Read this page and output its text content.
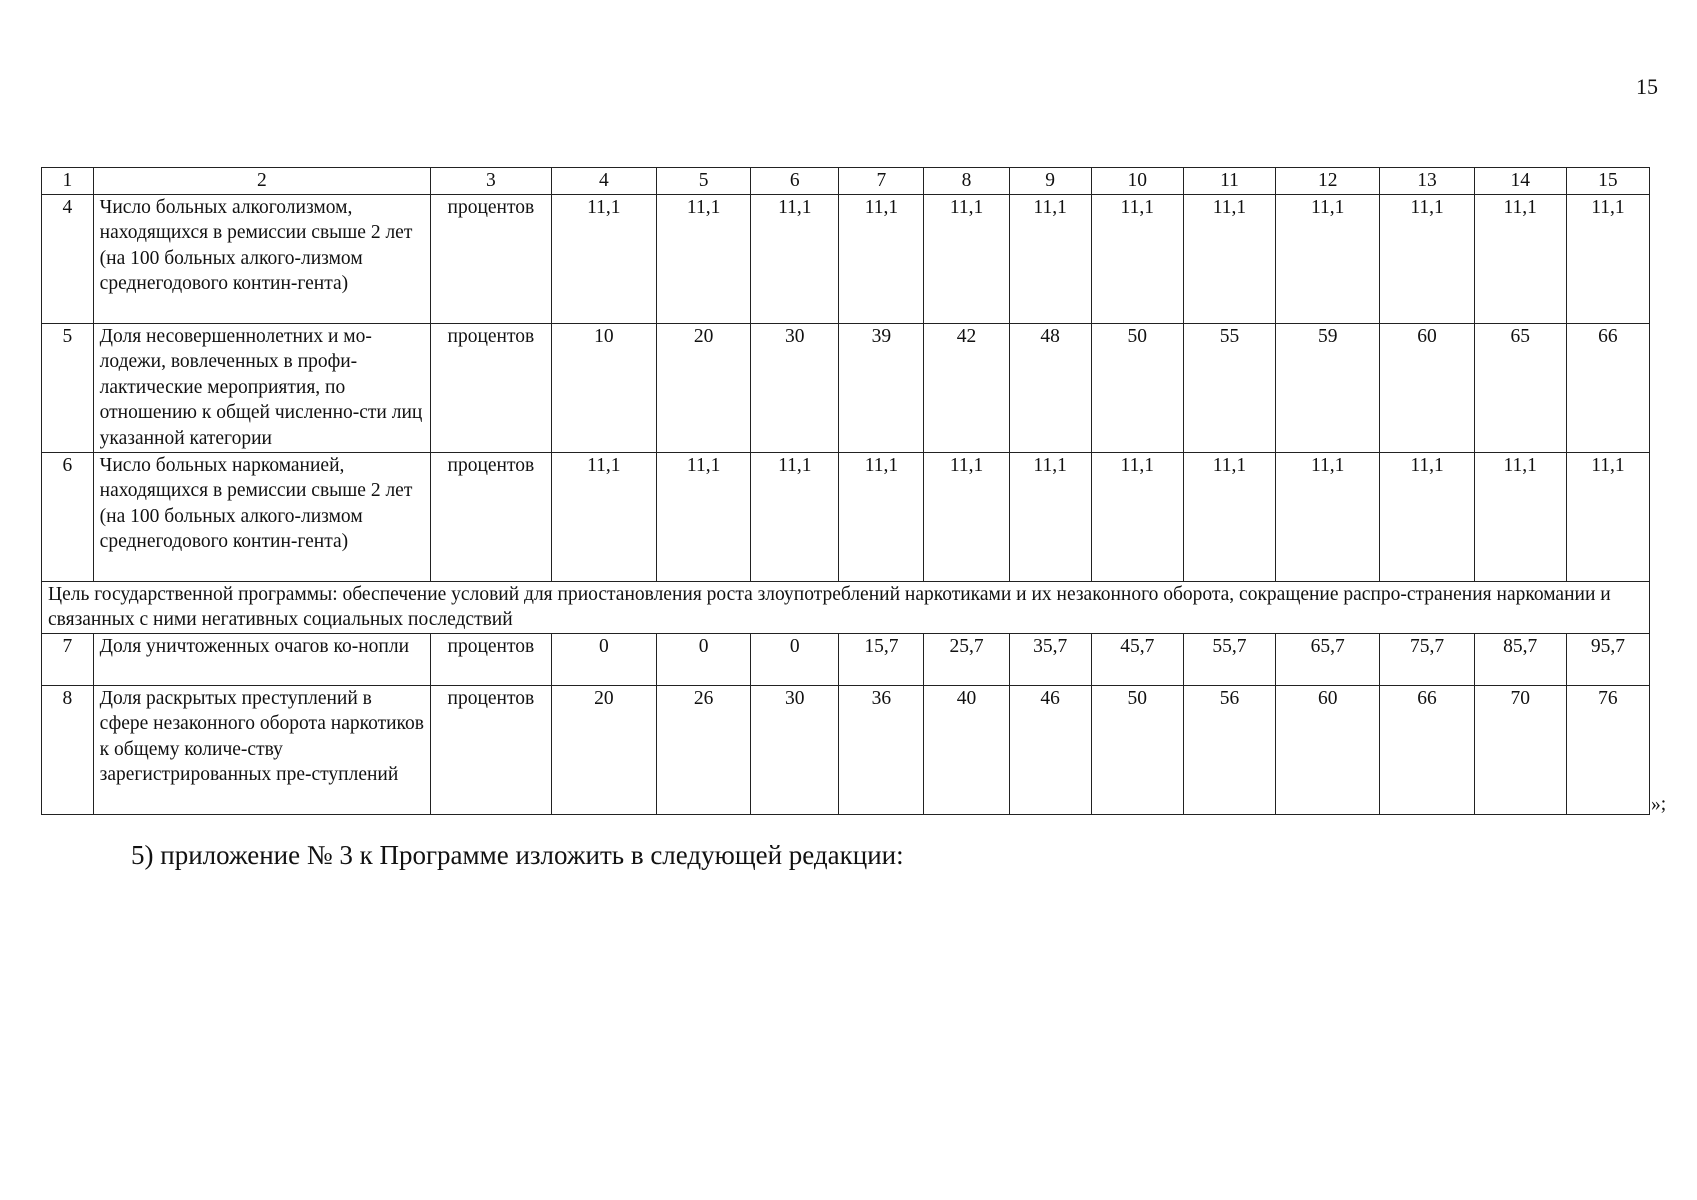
15
1	2	3	4	5	6	7	8	9	10	11	12	13	14	15
4	Число больных алкоголизмом, находящихся в ремиссии свыше 2 лет (на 100 больных алкого-лизмом среднегодового контин-гента)	процентов	11,1	11,1	11,1	11,1	11,1	11,1	11,1	11,1	11,1	11,1	11,1	11,1
5	Доля несовершеннолетних и мо-лодежи, вовлеченных в профи-лактические мероприятия, по отношению к общей численно-сти лиц указанной категории	процентов	10	20	30	39	42	48	50	55	59	60	65	66
6	Число больных наркоманией, находящихся в ремиссии свыше 2 лет (на 100 больных алкого-лизмом среднегодового контин-гента)	процентов	11,1	11,1	11,1	11,1	11,1	11,1	11,1	11,1	11,1	11,1	11,1	11,1
Цель государственной программы: обеспечение условий для приостановления роста злоупотреблений наркотиками и их незаконного оборота, сокращение распро-странения наркомании и связанных с ними негативных социальных последствий														
7	Доля уничтоженных очагов ко-нопли	процентов	0	0	0	15,7	25,7	35,7	45,7	55,7	65,7	75,7	85,7	95,7
8	Доля раскрытых преступлений в сфере незаконного оборота наркотиков к общему количе-ству зарегистрированных пре-ступлений	процентов	20	26	30	36	40	46	50	56	60	66	70	76
»;
5) приложение № 3 к Программе изложить в следующей редакции:
